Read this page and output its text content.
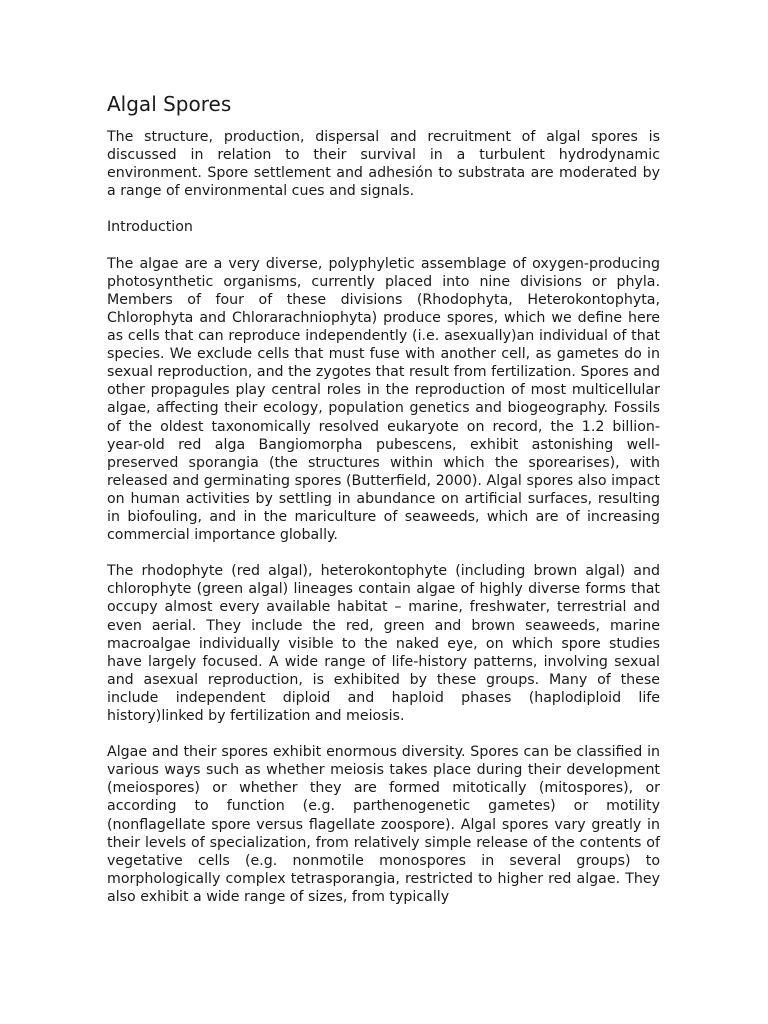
Algal Spores

The structure, production, dispersal and recruitment of algal spores is discussed in relation to their survival in a turbulent hydrodynamic environment. Spore settlement and adhesión to substrata are moderated by a range of environmental cues and signals.

Introduction

The algae are a very diverse, polyphyletic assemblage of oxygen-producing photosynthetic organisms, currently placed into nine divisions or phyla. Members of four of these divisions (Rhodophyta, Heterokontophyta, Chlorophyta and Chlorarachniophyta) produce spores, which we define here as cells that can reproduce independently (i.e. asexually)an individual of that species. We exclude cells that must fuse with another cell, as gametes do in sexual reproduction, and the zygotes that result from fertilization. Spores and other propagules play central roles in the reproduction of most multicellular algae, affecting their ecology, population genetics and biogeography. Fossils of the oldest taxonomically resolved eukaryote on record, the 1.2 billion-year-old red alga Bangiomorpha pubescens, exhibit astonishing well-preserved sporangia (the structures within which the sporearises), with released and germinating spores (Butterfield, 2000). Algal spores also impact on human activities by settling in abundance on artificial surfaces, resulting in biofouling, and in the mariculture of seaweeds, which are of increasing commercial importance globally.

The rhodophyte (red algal), heterokontophyte (including brown algal) and chlorophyte (green algal) lineages contain algae of highly diverse forms that occupy almost every available habitat – marine, freshwater, terrestrial and even aerial. They include the red, green and brown seaweeds, marine macroalgae individually visible to the naked eye, on which spore studies have largely focused. A wide range of life-history patterns, involving sexual and asexual reproduction, is exhibited by these groups. Many of these include independent diploid and haploid phases (haplodiploid life history)linked by fertilization and meiosis.

Algae and their spores exhibit enormous diversity. Spores can be classified in various ways such as whether meiosis takes place during their development (meiospores) or whether they are formed mitotically (mitospores), or according to function (e.g. parthenogenetic gametes) or motility (nonflagellate spore versus flagellate zoospore). Algal spores vary greatly in their levels of specialization, from relatively simple release of the contents of vegetative cells (e.g. nonmotile monospores in several groups) to morphologically complex tetrasporangia, restricted to higher red algae. They also exhibit a wide range of sizes, from typically
